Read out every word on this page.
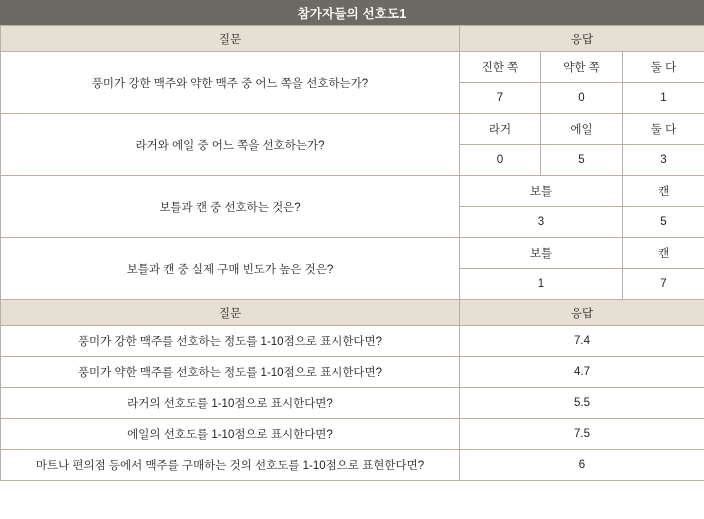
참가자들의 선호도1
질문	응답		
풍미가 강한 맥주와 약한 맥주 중 어느 쪽을 선호하는가?	진한 쪽	약한 쪽	둘 다
	7	0	1
라거와 에일 중 어느 쪽을 선호하는가?	라거	에일	둘 다
	0	5	3
보틀과 캔 중 선호하는 것은?	보틀		캔
	3		5
보틀과 캔 중 실제 구매 빈도가 높은 것은?	보틀		캔
	1		7
질문	응답		
풍미가 강한 맥주를 선호하는 정도를 1-10점으로 표시한다면?	7.4		
풍미가 약한 맥주를 선호하는 정도를 1-10점으로 표시한다면?	4.7		
라거의 선호도를 1-10점으로 표시한다면?	5.5		
에일의 선호도를 1-10점으로 표시한다면?	7.5		
마트나 편의점 등에서 맥주를 구매하는 것의 선호도를 1-10점으로 표현한다면?	6		
